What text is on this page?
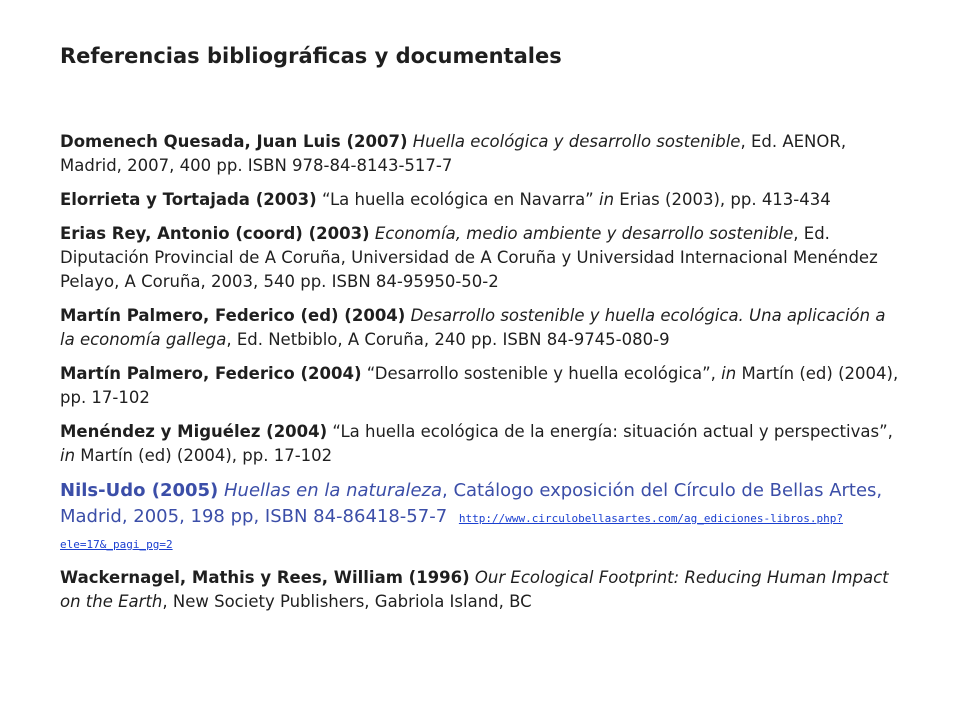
Referencias bibliográficas y documentales
Domenech Quesada, Juan Luis (2007) Huella ecológica y desarrollo sostenible, Ed. AENOR, Madrid, 2007, 400 pp. ISBN 978-84-8143-517-7
Elorrieta y Tortajada (2003) “La huella ecológica en Navarra” in Erias (2003), pp. 413-434
Erias Rey, Antonio (coord) (2003) Economía, medio ambiente y desarrollo sostenible, Ed. Diputación Provincial de A Coruña, Universidad de A Coruña y Universidad Internacional Menéndez Pelayo, A Coruña, 2003, 540 pp. ISBN 84-95950-50-2
Martín Palmero, Federico (ed) (2004) Desarrollo sostenible y huella ecológica. Una aplicación a la economía gallega, Ed. Netbiblo, A Coruña, 240 pp. ISBN 84-9745-080-9
Martín Palmero, Federico (2004) “Desarrollo sostenible y huella ecológica”, in Martín (ed) (2004), pp. 17-102
Menéndez y Miguélez (2004) “La huella ecológica de la energía: situación actual y perspectivas”, in Martín (ed) (2004), pp. 17-102
Nils-Udo (2005) Huellas en la naturaleza, Catálogo exposición del Círculo de Bellas Artes, Madrid, 2005, 198 pp, ISBN 84-86418-57-7 http://www.circulobellasartes.com/ag_ediciones-libros.php?ele=17&_pagi_pg=2
Wackernagel, Mathis y Rees, William (1996) Our Ecological Footprint: Reducing Human Impact on the Earth, New Society Publishers, Gabriola Island, BC
